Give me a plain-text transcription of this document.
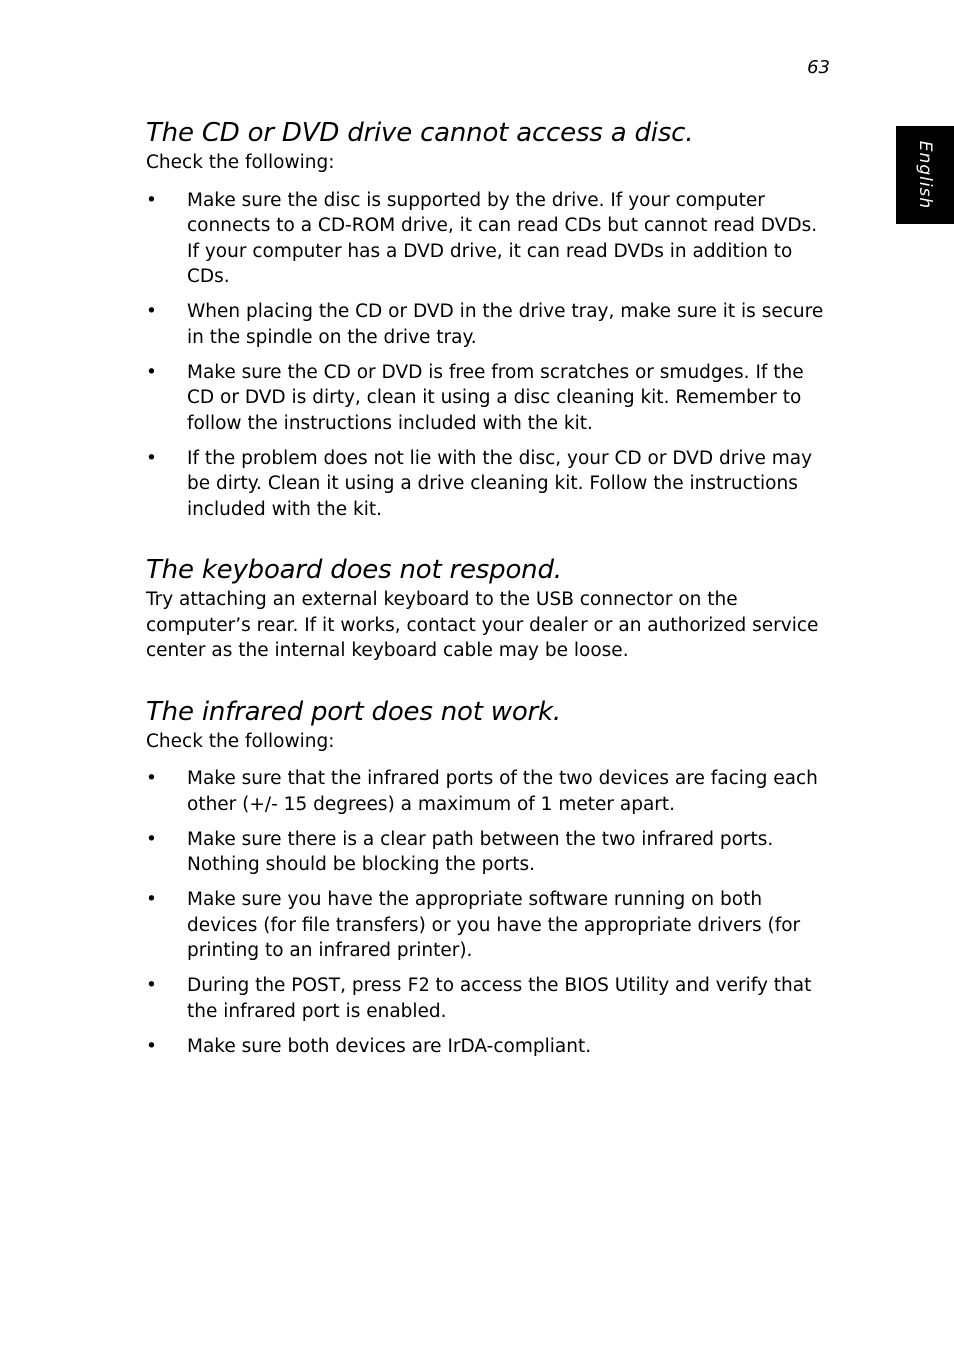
63
English
The CD or DVD drive cannot access a disc.

Check the following:

• Make sure the disc is supported by the drive. If your computer connects to a CD-ROM drive, it can read CDs but cannot read DVDs. If your computer has a DVD drive, it can read DVDs in addition to CDs.
• When placing the CD or DVD in the drive tray, make sure it is secure in the spindle on the drive tray.
• Make sure the CD or DVD is free from scratches or smudges. If the CD or DVD is dirty, clean it using a disc cleaning kit. Remember to follow the instructions included with the kit.
• If the problem does not lie with the disc, your CD or DVD drive may be dirty. Clean it using a drive cleaning kit. Follow the instructions included with the kit.
The keyboard does not respond.

Try attaching an external keyboard to the USB connector on the computer’s rear. If it works, contact your dealer or an authorized service center as the internal keyboard cable may be loose.

The infrared port does not work.

Check the following:

• Make sure that the infrared ports of the two devices are facing each other (+/- 15 degrees) a maximum of 1 meter apart.
• Make sure there is a clear path between the two infrared ports. Nothing should be blocking the ports.
• Make sure you have the appropriate software running on both devices (for file transfers) or you have the appropriate drivers (for printing to an infrared printer).
• During the POST, press F2 to access the BIOS Utility and verify that the infrared port is enabled.
• Make sure both devices are IrDA-compliant.
